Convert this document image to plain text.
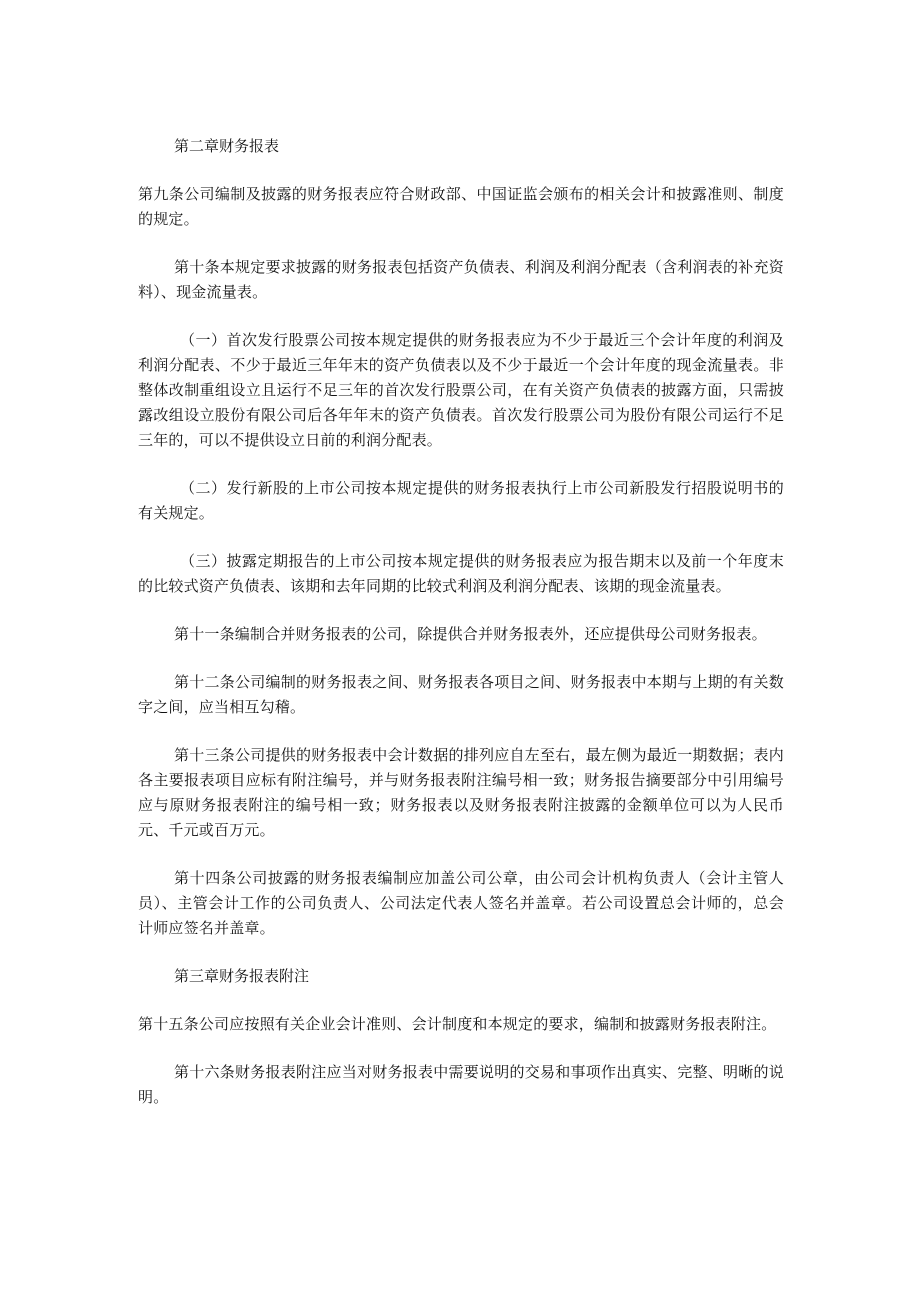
第二章财务报表

第九条公司编制及披露的财务报表应符合财政部、中国证监会颁布的相关会计和披露准则、制度的规定。

第十条本规定要求披露的财务报表包括资产负债表、利润及利润分配表（含利润表的补充资料）、现金流量表。

（一）首次发行股票公司按本规定提供的财务报表应为不少于最近三个会计年度的利润及利润分配表、不少于最近三年年末的资产负债表以及不少于最近一个会计年度的现金流量表。非整体改制重组设立且运行不足三年的首次发行股票公司，在有关资产负债表的披露方面，只需披露改组设立股份有限公司后各年年末的资产负债表。首次发行股票公司为股份有限公司运行不足三年的，可以不提供设立日前的利润分配表。

（二）发行新股的上市公司按本规定提供的财务报表执行上市公司新股发行招股说明书的有关规定。

（三）披露定期报告的上市公司按本规定提供的财务报表应为报告期末以及前一个年度末的比较式资产负债表、该期和去年同期的比较式利润及利润分配表、该期的现金流量表。

第十一条编制合并财务报表的公司，除提供合并财务报表外，还应提供母公司财务报表。

第十二条公司编制的财务报表之间、财务报表各项目之间、财务报表中本期与上期的有关数字之间，应当相互勾稽。

第十三条公司提供的财务报表中会计数据的排列应自左至右，最左侧为最近一期数据；表内各主要报表项目应标有附注编号，并与财务报表附注编号相一致；财务报告摘要部分中引用编号应与原财务报表附注的编号相一致；财务报表以及财务报表附注披露的金额单位可以为人民币元、千元或百万元。

第十四条公司披露的财务报表编制应加盖公司公章，由公司会计机构负责人（会计主管人员）、主管会计工作的公司负责人、公司法定代表人签名并盖章。若公司设置总会计师的，总会计师应签名并盖章。

第三章财务报表附注

第十五条公司应按照有关企业会计准则、会计制度和本规定的要求，编制和披露财务报表附注。

第十六条财务报表附注应当对财务报表中需要说明的交易和事项作出真实、完整、明晰的说明。
